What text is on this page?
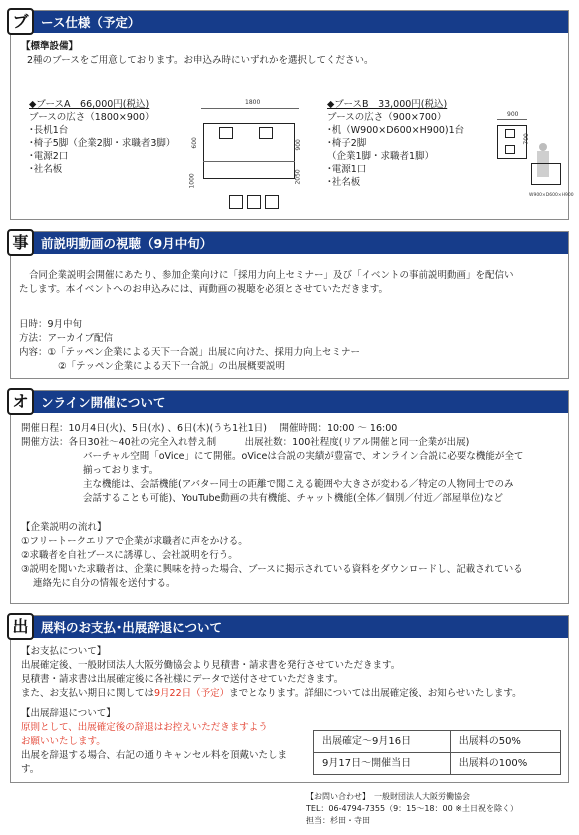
ブ	ース仕様（予定）
【標準設備】
2種のブースをご用意しております。お申込み時にいずれかを選択してください。
◆ブースA　66,000円(税込)
ブースの広さ（1800×900）
･長机1台
･椅子5脚（企業2脚・求職者3脚）
･電源2口
･社名板
1800
600	900
1000	2050
◆ブースB　33,000円(税込)
ブースの広さ（900×700）
･机（W900×D600×H900)1台
･椅子2脚
（企業1脚・求職者1脚）
･電源1口
･社名板
900
700
W900×D600×H900
事	前説明動画の視聴（9月中旬）
合同企業説明会開催にあたり、参加企業向けに「採用力向上セミナー」及び「イベントの事前説明動画」を配信い
たします。本イベントへのお申込みには、両動画の視聴を必須とさせていただきます。
日時：9月中旬
方法：アーカイブ配信
内容：①「テッペン企業による天下一合説」出展に向けた、採用力向上セミナー
②「テッペン企業による天下一合説」の出展概要説明
オ	ンライン開催について
開催日程：10月4日(火)、5日(水) 、6日(木)(うち1社1日)　 開催時間：10:00 ～ 16:00
開催方法：各日30社～40社の完全入れ替え制　　　出展社数：100社程度(リアル開催と同一企業が出展)
バーチャル空間「oVice」にて開催。oViceは合説の実績が豊富で、オンライン合説に必要な機能が全て
揃っております。
主な機能は、会話機能(アバター同士の距離で聞こえる範囲や大きさが変わる／特定の人物同士でのみ
会話することも可能)、YouTube動画の共有機能、チャット機能(全体／個別／付近／部屋単位)など
【企業説明の流れ】
①フリートークエリアで企業が求職者に声をかける。
②求職者を自社ブースに誘導し、会社説明を行う。
③説明を聞いた求職者は、企業に興味を持った場合、ブースに掲示されている資料をダウンロードし、記載されている
連絡先に自分の情報を送付する。
出	展料のお支払･出展辞退について
【お支払について】
出展確定後、一般財団法人大阪労働協会より見積書・請求書を発行させていただきます。
見積書・請求書は出展確定後に各社様にデータで送付させていただきます。
また、お支払い期日に関しては9月22日（予定）までとなります。詳細については出展確定後、お知らせいたします。
【出展辞退について】
原則として、出展確定後の辞退はお控えいただきますよう
お願いいたします。
出展を辞退する場合、右記の通りキャンセル料を頂戴いたしま
す。
出展確定～9月16日	出展料の50%
9月17日～開催当日	出展料の100%
【お問い合わせ】　一般財団法人大阪労働協会
TEL：06-4794-7355（9：15～18：00 ※土日祝を除く）
担当：杉田・寺田
